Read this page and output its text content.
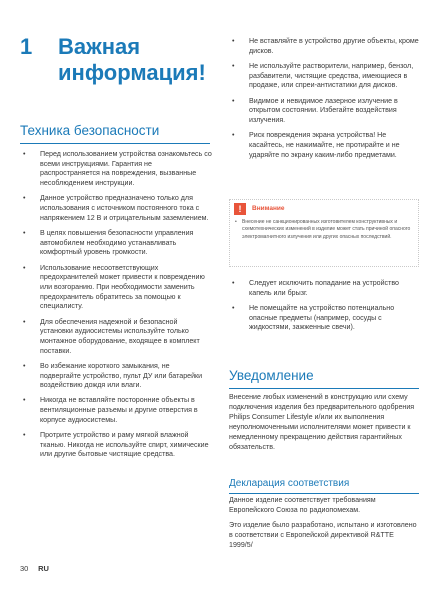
1	Важная информация!
Техника безопасности
• Перед использованием устройства ознакомьтесь со всеми инструкциями. Гарантия не распространяется на повреждения, вызванные несоблюдением инструкции.
• Данное устройство предназначено только для использования с источником постоянного тока с напряжением 12 В и отрицательным заземлением.
• В целях повышения безопасности управления автомобилем необходимо устанавливать комфортный уровень громкости.
• Использование несоответствующих предохранителей может привести к повреждению или возгоранию. При необходимости заменить предохранитель обратитесь за помощью к специалисту.
• Для обеспечения надежной и безопасной установки аудиосистемы используйте только монтажное оборудование, входящее в комплект поставки.
• Во избежание короткого замыкания, не подвергайте устройство, пульт ДУ или батарейки воздействию дождя или влаги.
• Никогда не вставляйте посторонние объекты в вентиляционные разъемы и другие отверстия в корпусе аудиосистемы.
• Протрите устройство и раму мягкой влажной тканью. Никогда не используйте спирт, химические или другие бытовые чистящие средства.
• Не вставляйте в устройство другие объекты, кроме дисков.
• Не используйте растворители, например, бензол, разбавители, чистящие средства, имеющиеся в продаже, или спреи-антистатики для дисков.
• Видимое и невидимое лазерное излучение в открытом состоянии. Избегайте воздействия излучения.
• Риск повреждения экрана устройства! Не касайтесь, не нажимайте, не протирайте и не ударяйте по экрану каким-либо предметами.
!	Внимание
• Внесение не санкционированных изготовителем конструктивных и схемотехнических изменений в изделие может стать причиной опасного электромагнитного излучения или других опасных последствий.
• Следует исключить попадание на устройство капель или брызг.
• Не помещайте на устройство потенциально опасные предметы (например, сосуды с жидкостями, зажженные свечи).
Уведомление

Внесение любых изменений в конструкцию или схему подключения изделия без предварительного одобрения Philips Consumer Lifestyle и/или их выполнения неуполномоченными исполнителями может привести к немедленному прекращению действия гарантийных обязательств.

Декларация соответствия

Данное изделие соответствует требованиям Европейского Союза по радиопомехам.

Это изделие было разработано, испытано и изготовлено в соответствии с Европейской директивой R&TTE 1999/5/

30 RU
